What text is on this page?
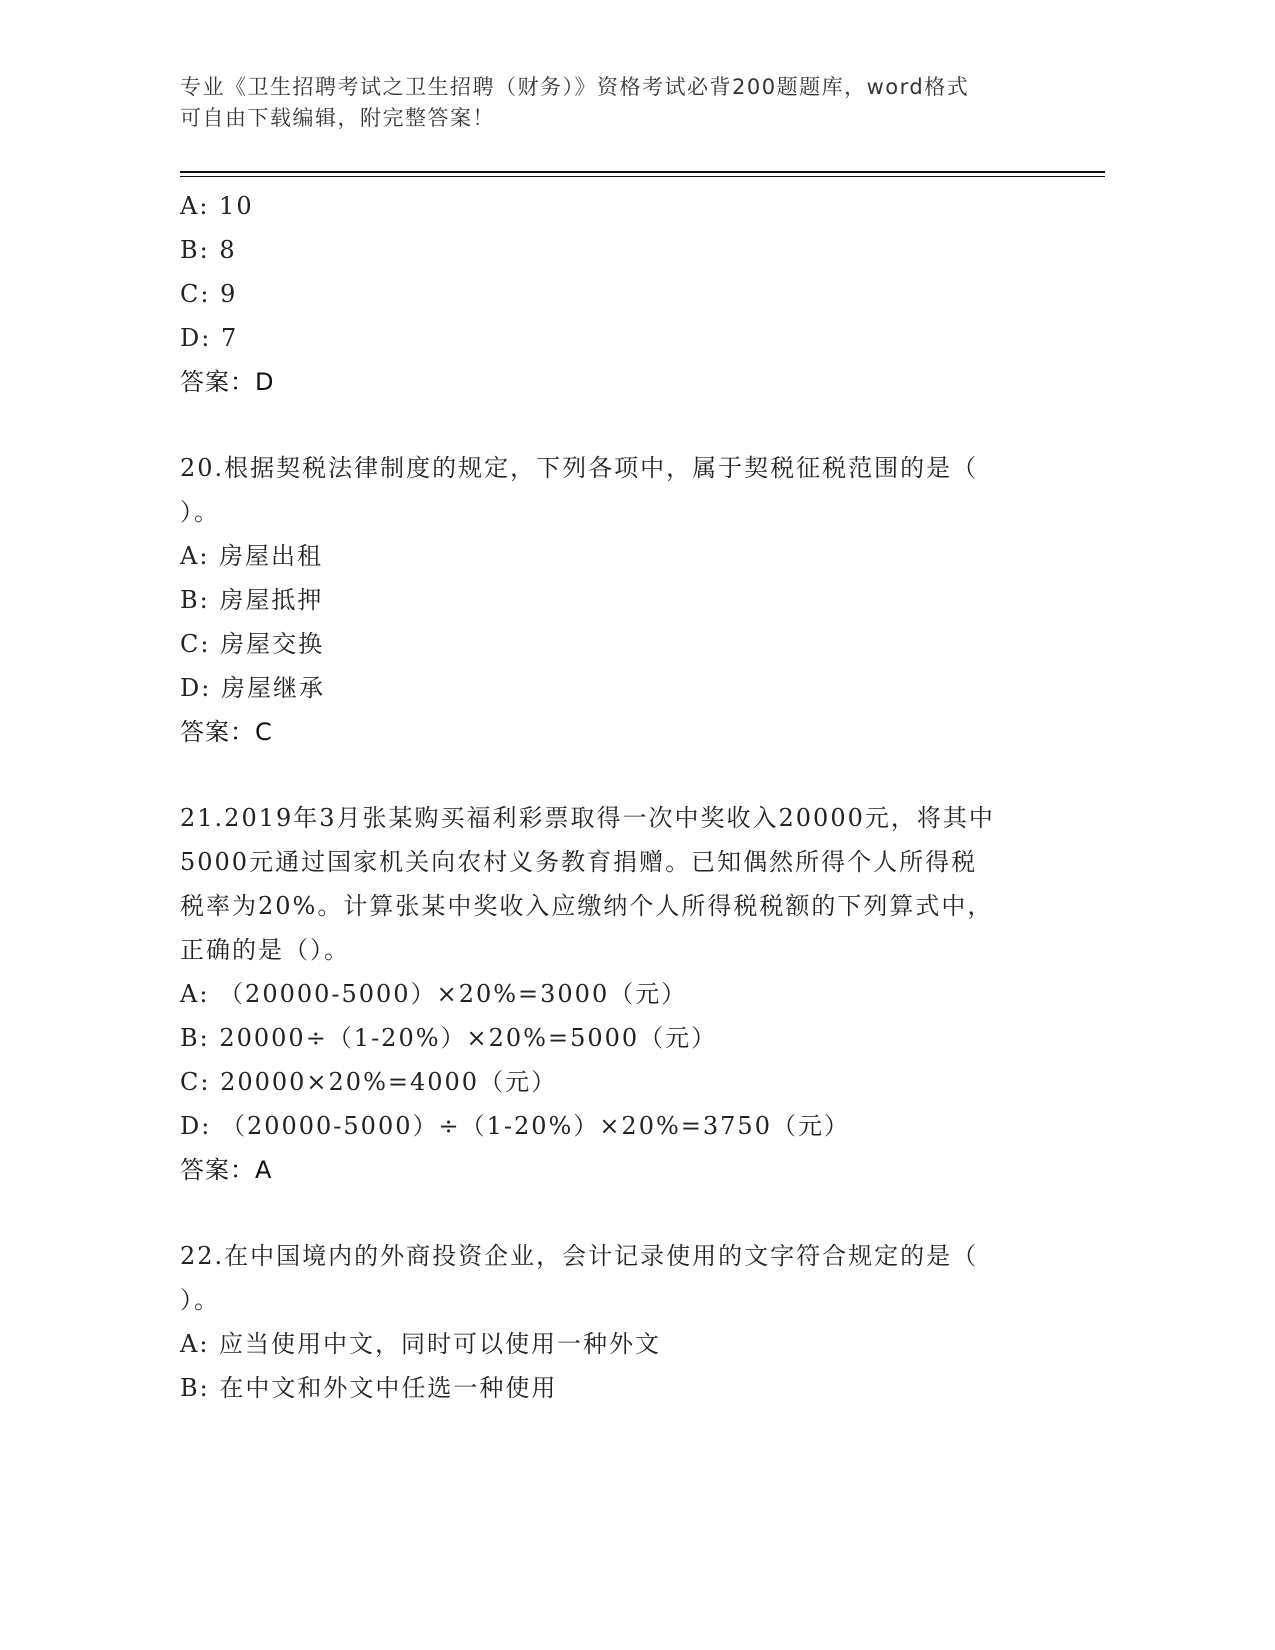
专业《卫生招聘考试之卫生招聘（财务）》资格考试必背200题题库，word格式
可自由下载编辑，附完整答案！
A: 10
B: 8
C: 9
D: 7
答案：D
20.根据契税法律制度的规定，下列各项中，属于契税征税范围的是（
）。
A: 房屋出租
B: 房屋抵押
C: 房屋交换
D: 房屋继承
答案：C
21.2019年3月张某购买福利彩票取得一次中奖收入20000元，将其中
5000元通过国家机关向农村义务教育捐赠。已知偶然所得个人所得税
税率为20%。计算张某中奖收入应缴纳个人所得税税额的下列算式中，
正确的是（）。
A: （20000-5000）×20%=3000（元）
B: 20000÷（1-20%）×20%=5000（元）
C: 20000×20%=4000（元）
D: （20000-5000）÷（1-20%）×20%=3750（元）
答案：A
22.在中国境内的外商投资企业，会计记录使用的文字符合规定的是（
）。
A: 应当使用中文，同时可以使用一种外文
B: 在中文和外文中任选一种使用
